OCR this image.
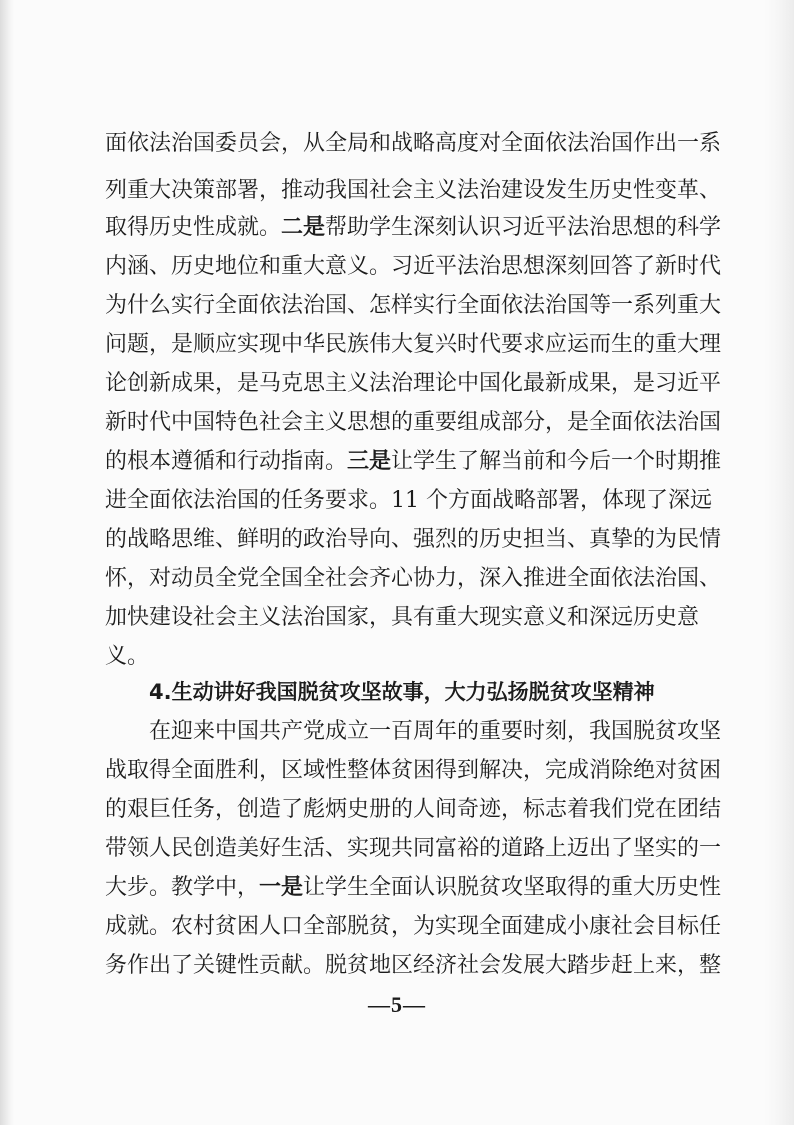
面依法治国委员会，从全局和战略高度对全面依法治国作出一系
列重大决策部署，推动我国社会主义法治建设发生历史性变革、
取得历史性成就。二是帮助学生深刻认识习近平法治思想的科学
内涵、历史地位和重大意义。习近平法治思想深刻回答了新时代
为什么实行全面依法治国、怎样实行全面依法治国等一系列重大
问题，是顺应实现中华民族伟大复兴时代要求应运而生的重大理
论创新成果，是马克思主义法治理论中国化最新成果，是习近平
新时代中国特色社会主义思想的重要组成部分，是全面依法治国
的根本遵循和行动指南。三是让学生了解当前和今后一个时期推
进全面依法治国的任务要求。11 个方面战略部署，体现了深远
的战略思维、鲜明的政治导向、强烈的历史担当、真挚的为民情
怀，对动员全党全国全社会齐心协力，深入推进全面依法治国、
加快建设社会主义法治国家，具有重大现实意义和深远历史意
义。
在迎来中国共产党成立一百周年的重要时刻，我国脱贫攻坚
战取得全面胜利，区域性整体贫困得到解决，完成消除绝对贫困
的艰巨任务，创造了彪炳史册的人间奇迹，标志着我们党在团结
带领人民创造美好生活、实现共同富裕的道路上迈出了坚实的一
大步。教学中，一是让学生全面认识脱贫攻坚取得的重大历史性
成就。农村贫困人口全部脱贫，为实现全面建成小康社会目标任
务作出了关键性贡献。脱贫地区经济社会发展大踏步赶上来，整
4.生动讲好我国脱贫攻坚故事，大力弘扬脱贫攻坚精神
—5—
